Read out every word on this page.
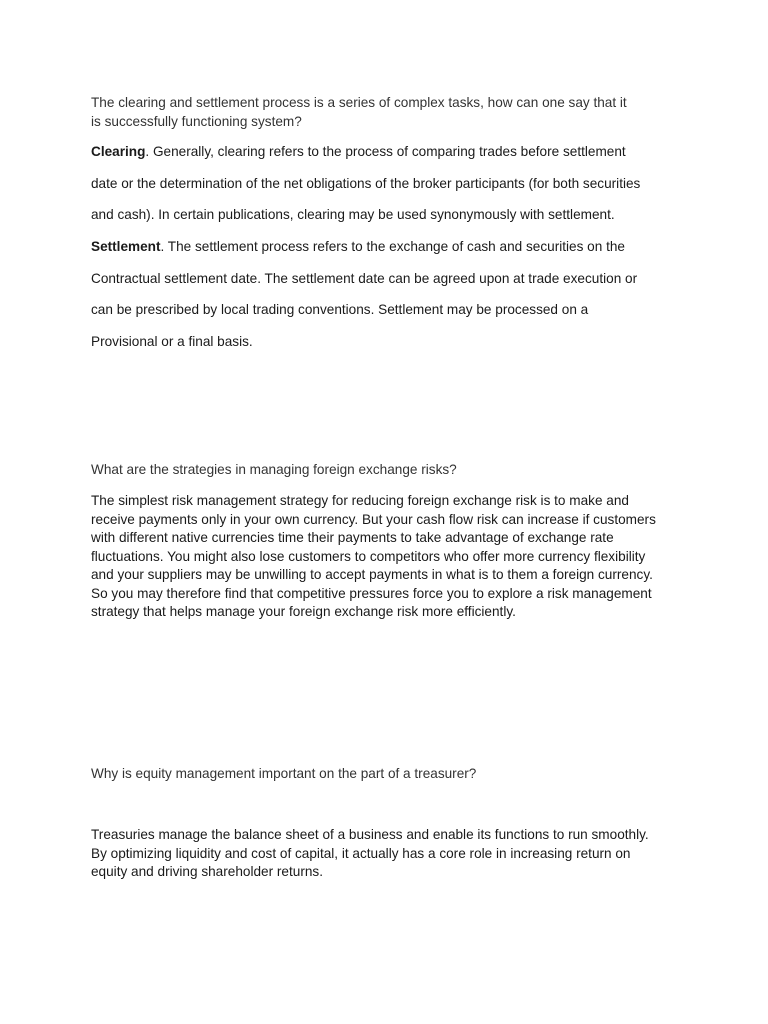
The clearing and settlement process is a series of complex tasks, how can one say that it
is successfully functioning system?
Clearing. Generally, clearing refers to the process of comparing trades before settlement
date or the determination of the net obligations of the broker participants (for both securities
and cash). In certain publications, clearing may be used synonymously with settlement.
Settlement. The settlement process refers to the exchange of cash and securities on the
Contractual settlement date. The settlement date can be agreed upon at trade execution or
can be prescribed by local trading conventions. Settlement may be processed on a
Provisional or a final basis.
What are the strategies in managing foreign exchange risks?
The simplest risk management strategy for reducing foreign exchange risk is to make and
receive payments only in your own currency. But your cash flow risk can increase if customers
with different native currencies time their payments to take advantage of exchange rate
fluctuations. You might also lose customers to competitors who offer more currency flexibility
and your suppliers may be unwilling to accept payments in what is to them a foreign currency.
So you may therefore find that competitive pressures force you to explore a risk management
strategy that helps manage your foreign exchange risk more efficiently.
Why is equity management important on the part of a treasurer?
Treasuries manage the balance sheet of a business and enable its functions to run smoothly.
By optimizing liquidity and cost of capital, it actually has a core role in increasing return on
equity and driving shareholder returns.
